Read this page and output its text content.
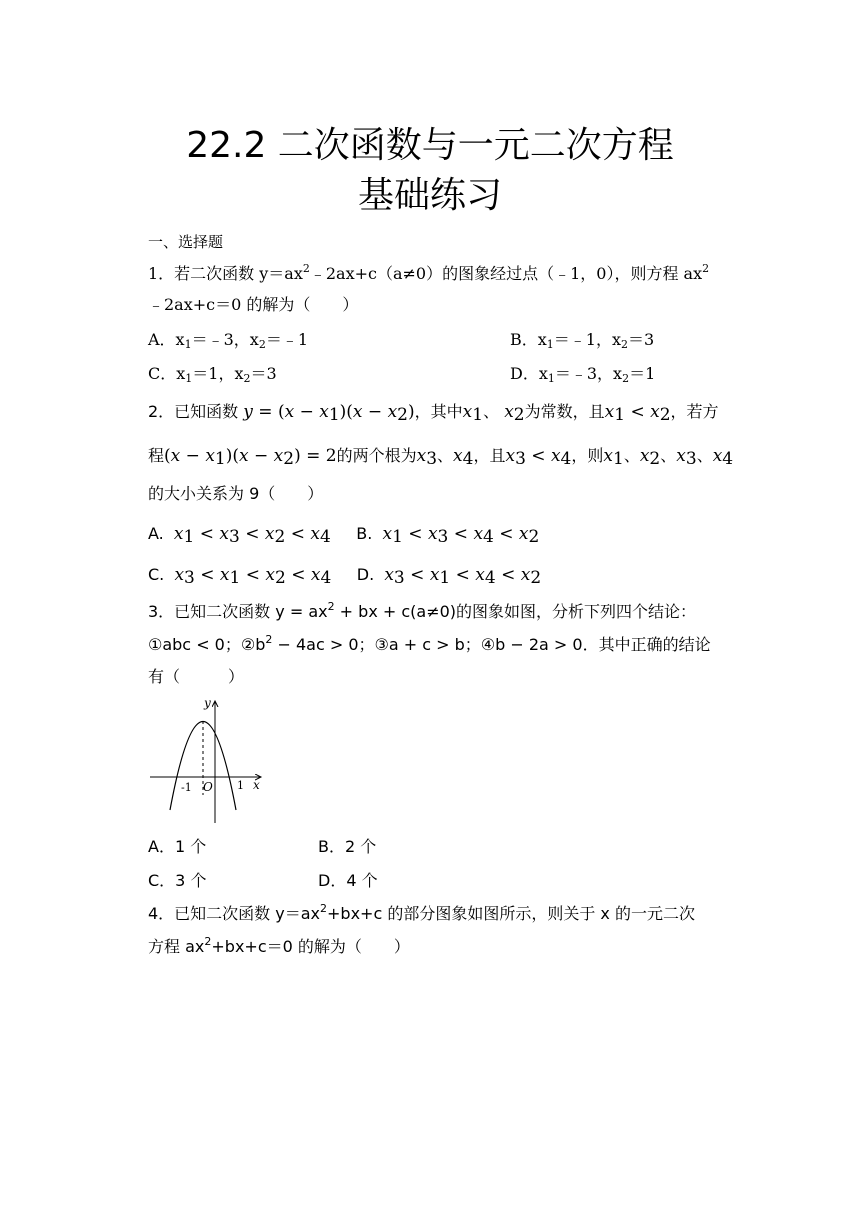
22.2 二次函数与一元二次方程
基础练习
一、选择题
1．若二次函数 $y=ax^2﹣2ax+c(a\ne 0)$的图象经过点（﹣1，0），则方程 $ax^2$
﹣2ax+c＝0 的解为（　　）
A．$x_1=﹣3$，$x_2=﹣1$	B．$x_1=﹣1$，$x_2=3$
C．$x_1=1$，$x_2=3$	D．$x_1=﹣3$，$x_2=1$
2．已知函数 $y = (x - x_1)(x - x_2)$，其中$x_1$、 $x_2$为常数，且$x_1 < x_2$，若方
程$(x - x_1)(x - x_2) = 2$的两个根为$x_3$、$x_4$，且$x_3 < x_4$，则$x_1$、$x_2$、$x_3$、$x_4$
的大小关系为 9（　　）
A. $x_1 < x_3 < x_2 < x_4$ B. $x_1 < x_3 < x_4 < x_2$
C. $x_3 < x_1 < x_2 < x_4$ D. $x_3 < x_1 < x_4 < x_2$
3．已知二次函数 $y = ax^2$ + bx + c(a≠0)的图象如图，分析下列四个结论：
①abc < 0；$②b^2 - 4ac > 0$；③a + c > b；④b − 2a > 0．其中正确的结论
有（　　　）
y
x
O
-1	1
A．1 个	B．2 个
C．3 个	D．4 个
4．已知二次函数 $y=ax^2+bx+c$ 的部分图象如图所示，则关于 x 的一元二次
方程 $ax^2+bx+c=0$ 的解为（　　）
